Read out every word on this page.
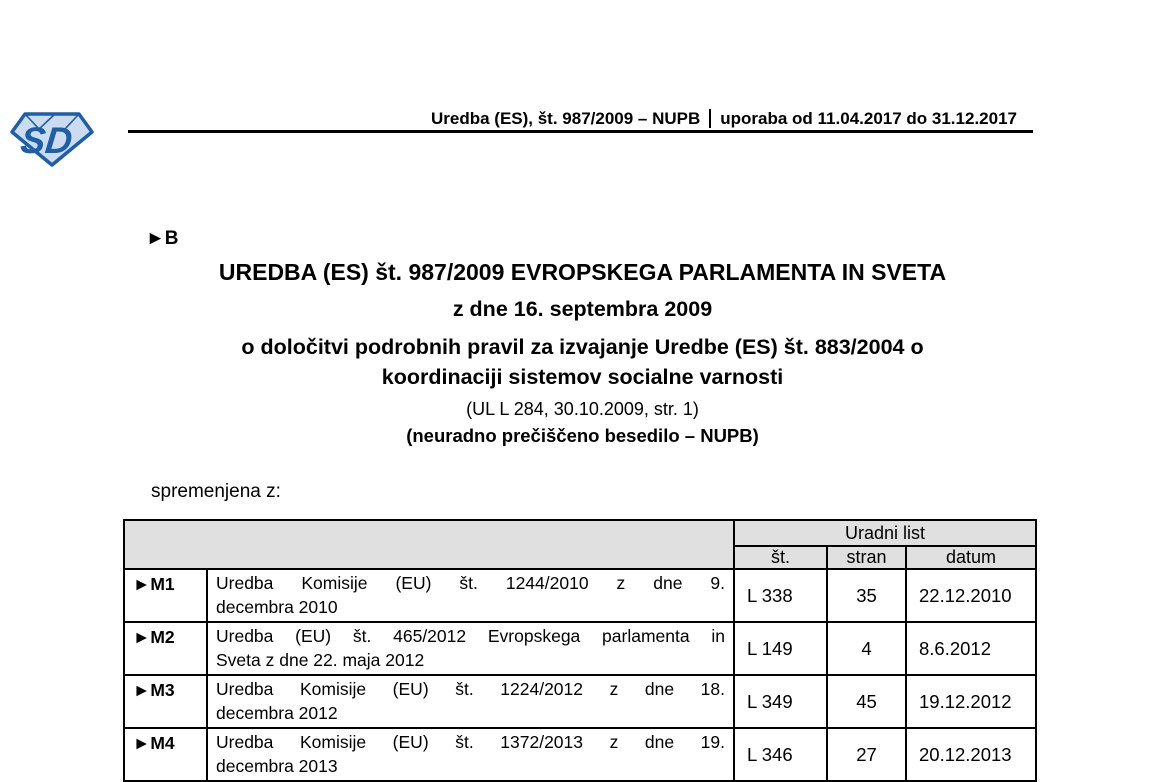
SD
Uredba (ES), št. 987/2009 – NUPB uporaba od 11.04.2017 do 31.12.2017
►B
UREDBA (ES) št. 987/2009 EVROPSKEGA PARLAMENTA IN SVETA
z dne 16. septembra 2009
o določitvi podrobnih pravil za izvajanje Uredbe (ES) št. 883/2004 o
koordinaciji sistemov socialne varnosti
(UL L 284, 30.10.2009, str. 1)
(neuradno prečiščeno besedilo – NUPB)
spremenjena z:
		Uradni list		
		št.	stran	datum
►M1	Uredba Komisije (EU) št. 1244/2010 z dne 9.
decembra 2010	L 338	35	22.12.2010
►M2	Uredba (EU) št. 465/2012 Evropskega parlamenta in
Sveta z dne 22. maja 2012	L 149	4	8.6.2012
►M3	Uredba Komisije (EU) št. 1224/2012 z dne 18.
decembra 2012	L 349	45	19.12.2012
►M4	Uredba Komisije (EU) št. 1372/2013 z dne 19.
decembra 2013	L 346	27	20.12.2013
